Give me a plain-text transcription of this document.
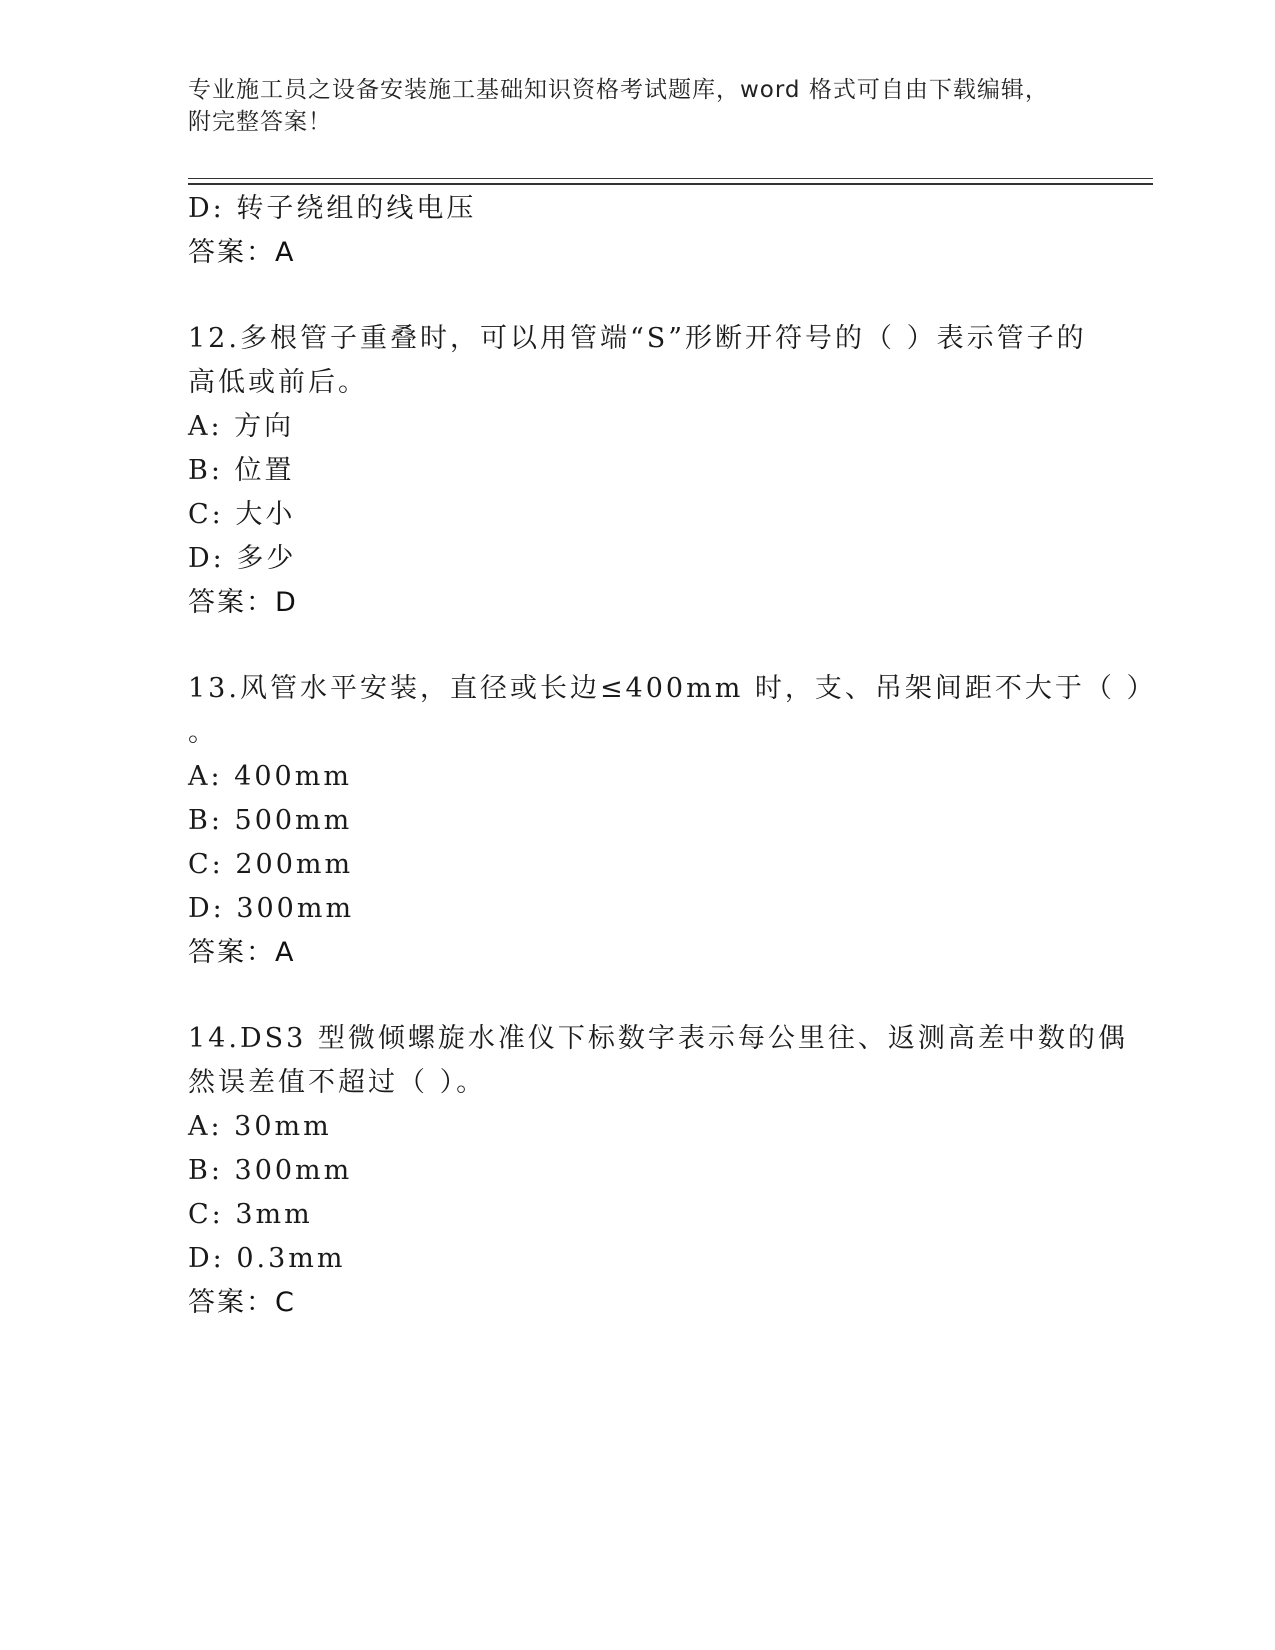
专业施工员之设备安装施工基础知识资格考试题库，word 格式可自由下载编辑，
附完整答案！
D: 转子绕组的线电压
答案：A
12.多根管子重叠时，可以用管端“S”形断开符号的（ ）表示管子的
高低或前后。
A: 方向
B: 位置
C: 大小
D: 多少
答案：D
13.风管水平安装，直径或长边≤400mm 时，支、吊架间距不大于（ ）
。
A: 400mm
B: 500mm
C: 200mm
D: 300mm
答案：A
14.DS3 型微倾螺旋水准仪下标数字表示每公里往、返测高差中数的偶
然误差值不超过（ ）。
A: 30mm
B: 300mm
C: 3mm
D: 0.3mm
答案：C
